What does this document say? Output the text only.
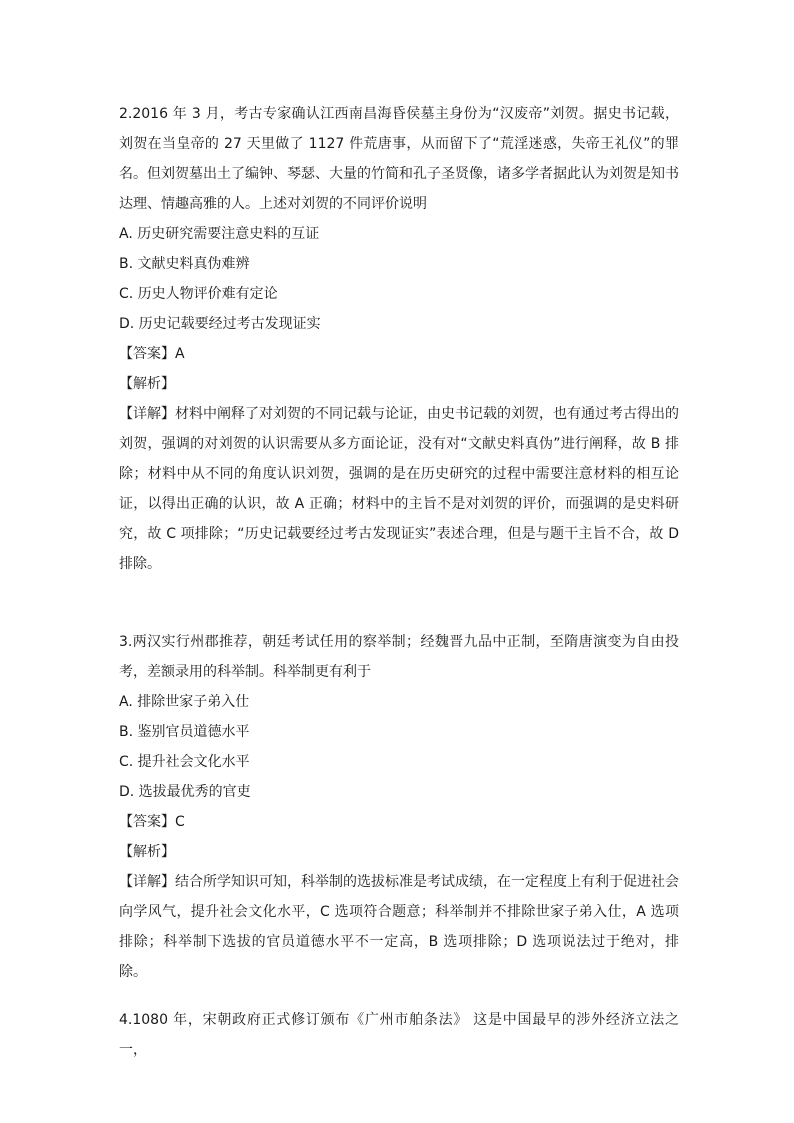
2.2016 年 3 月，考古专家确认江西南昌海昏侯墓主身份为“汉废帝”刘贺。据史书记载，刘贺在当皇帝的 27 天里做了 1127 件荒唐事，从而留下了“荒淫迷惑，失帝王礼仪”的罪名。但刘贺墓出土了编钟、琴瑟、大量的竹简和孔子圣贤像，诸多学者据此认为刘贺是知书达理、情趣高雅的人。上述对刘贺的不同评价说明

A. 历史研究需要注意史料的互证

B. 文献史料真伪难辨

C. 历史人物评价难有定论

D. 历史记载要经过考古发现证实

【答案】A

【解析】

【详解】材料中阐释了对刘贺的不同记载与论证，由史书记载的刘贺，也有通过考古得出的刘贺，强调的对刘贺的认识需要从多方面论证，没有对“文献史料真伪”进行阐释，故 B 排除；材料中从不同的角度认识刘贺，强调的是在历史研究的过程中需要注意材料的相互论证，以得出正确的认识，故 A 正确；材料中的主旨不是对刘贺的评价，而强调的是史料研究，故 C 项排除；“历史记载要经过考古发现证实”表述合理，但是与题干主旨不合，故 D 排除。

3.两汉实行州郡推荐，朝廷考试任用的察举制；经魏晋九品中正制，至隋唐演变为自由投考，差额录用的科举制。科举制更有利于

A. 排除世家子弟入仕

B. 鉴别官员道德水平

C. 提升社会文化水平

D. 选拔最优秀的官吏

【答案】C

【解析】

【详解】结合所学知识可知，科举制的选拔标准是考试成绩，在一定程度上有利于促进社会向学风气，提升社会文化水平，C 选项符合题意；科举制并不排除世家子弟入仕，A 选项排除；科举制下选拔的官员道德水平不一定高，B 选项排除；D 选项说法过于绝对，排除。

4.1080 年，宋朝政府正式修订颁布《广州市舶条法》 这是中国最早的涉外经济立法之一，
